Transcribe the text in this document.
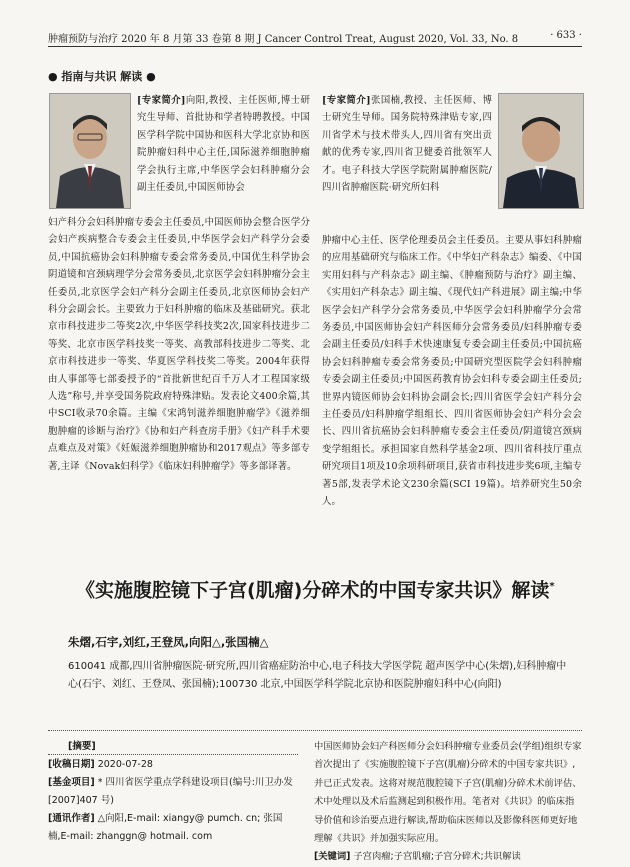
肿瘤预防与治疗 2020 年 8 月第 33 卷第 8 期 J Cancer Control Treat, August 2020, Vol. 33, No. 8	· 633 ·
● 指南与共识 解读 ●

[专家简介]向阳,教授、主任医师,博士研究生导师、首批协和学者特聘教授。中国医学科学院中国协和医科大学北京协和医院肿瘤妇科中心主任,国际滋养细胞肿瘤学会执行主席,中华医学会妇科肿瘤分会副主任委员,中国医师协会

妇产科分会妇科肿瘤专委会主任委员,中国医师协会整合医学分会妇产疾病整合专委会主任委员,中华医学会妇产科学分会委员,中国抗癌协会妇科肿瘤专委会常务委员,中国优生科学协会阴道镜和宫颈病理学分会常务委员,北京医学会妇科肿瘤分会主任委员,北京医学会妇产科分会副主任委员,北京医师协会妇产科分会副会长。主要致力于妇科肿瘤的临床及基础研究。获北京市科技进步二等奖2次,中华医学科技奖2次,国家科技进步二等奖、北京市医学科技奖一等奖、高教部科技进步二等奖、北京市科技进步一等奖、华夏医学科技奖二等奖。2004年获得由人事部等七部委授予的“首批新世纪百千万人才工程国家级人选”称号,并享受国务院政府特殊津贴。发表论文400余篇,其中SCI收录70余篇。主编《宋鸿钊滋养细胞肿瘤学》《滋养细胞肿瘤的诊断与治疗》《协和妇产科查房手册》《妇产科手术要点难点及对策》《妊娠滋养细胞肿瘤协和2017观点》等多部专著,主译《Novak妇科学》《临床妇科肿瘤学》等多部译著。

[专家简介]张国楠,教授、主任医师、博士研究生导师。国务院特殊津贴专家,四川省学术与技术带头人,四川省有突出贡献的优秀专家,四川省卫健委首批领军人才。电子科技大学医学院附属肿瘤医院/四川省肿瘤医院·研究所妇科

肿瘤中心主任、医学伦理委员会主任委员。主要从事妇科肿瘤的应用基础研究与临床工作。《中华妇产科杂志》编委、《中国实用妇科与产科杂志》副主编、《肿瘤预防与治疗》副主编、《实用妇产科杂志》副主编、《现代妇产科进展》副主编;中华医学会妇产科学分会常务委员,中华医学会妇科肿瘤学分会常务委员,中国医师协会妇产科医师分会常务委员/妇科肿瘤专委会副主任委员/妇科手术快速康复专委会副主任委员;中国抗癌协会妇科肿瘤专委会常务委员;中国研究型医院学会妇科肿瘤专委会副主任委员;中国医药教育协会妇科专委会副主任委员;世界内镜医师协会妇科协会副会长;四川省医学会妇产科分会主任委员/妇科肿瘤学组组长、四川省医师协会妇产科分会会长、四川省抗癌协会妇科肿瘤专委会主任委员/阴道镜宫颈病变学组组长。承担国家自然科学基金2项、四川省科技厅重点研究项目1项及10余项科研项目,获省市科技进步奖6项,主编专著5部,发表学术论文230余篇(SCI 19篇)。培养研究生50余人。

《实施腹腔镜下子宫(肌瘤)分碎术的中国专家共识》解读*
朱熠,石宇,刘红,王登凤,向阳△,张国楠△
610041 成都,四川省肿瘤医院·研究所,四川省癌症防治中心,电子科技大学医学院 超声医学中心(朱熠),妇科肿瘤中心(石宇、刘红、王登凤、张国楠);100730 北京,中国医学科学院北京协和医院肿瘤妇科中心(向阳)
[摘要]
[收稿日期] 2020-07-28
[基金项目] * 四川省医学重点学科建设项目(编号:川卫办发[2007]407 号)
[通讯作者] △向阳,E-mail: xiangy@ pumch. cn; 张国楠,E-mail: zhanggn@ hotmail. com
中国医师协会妇产科医师分会妇科肿瘤专业委员会(学组)组织专家首次提出了《实施腹腔镜下子宫(肌瘤)分碎术的中国专家共识》,并已正式发表。这将对规范腹腔镜下子宫(肌瘤)分碎术术前评估、术中处理以及术后监测起到积极作用。笔者对《共识》的临床指导价值和诊治要点进行解读,帮助临床医师以及影像科医师更好地理解《共识》并加强实际应用。
[关键词] 子宫肉瘤;子宫肌瘤;子宫分碎术;共识解读
